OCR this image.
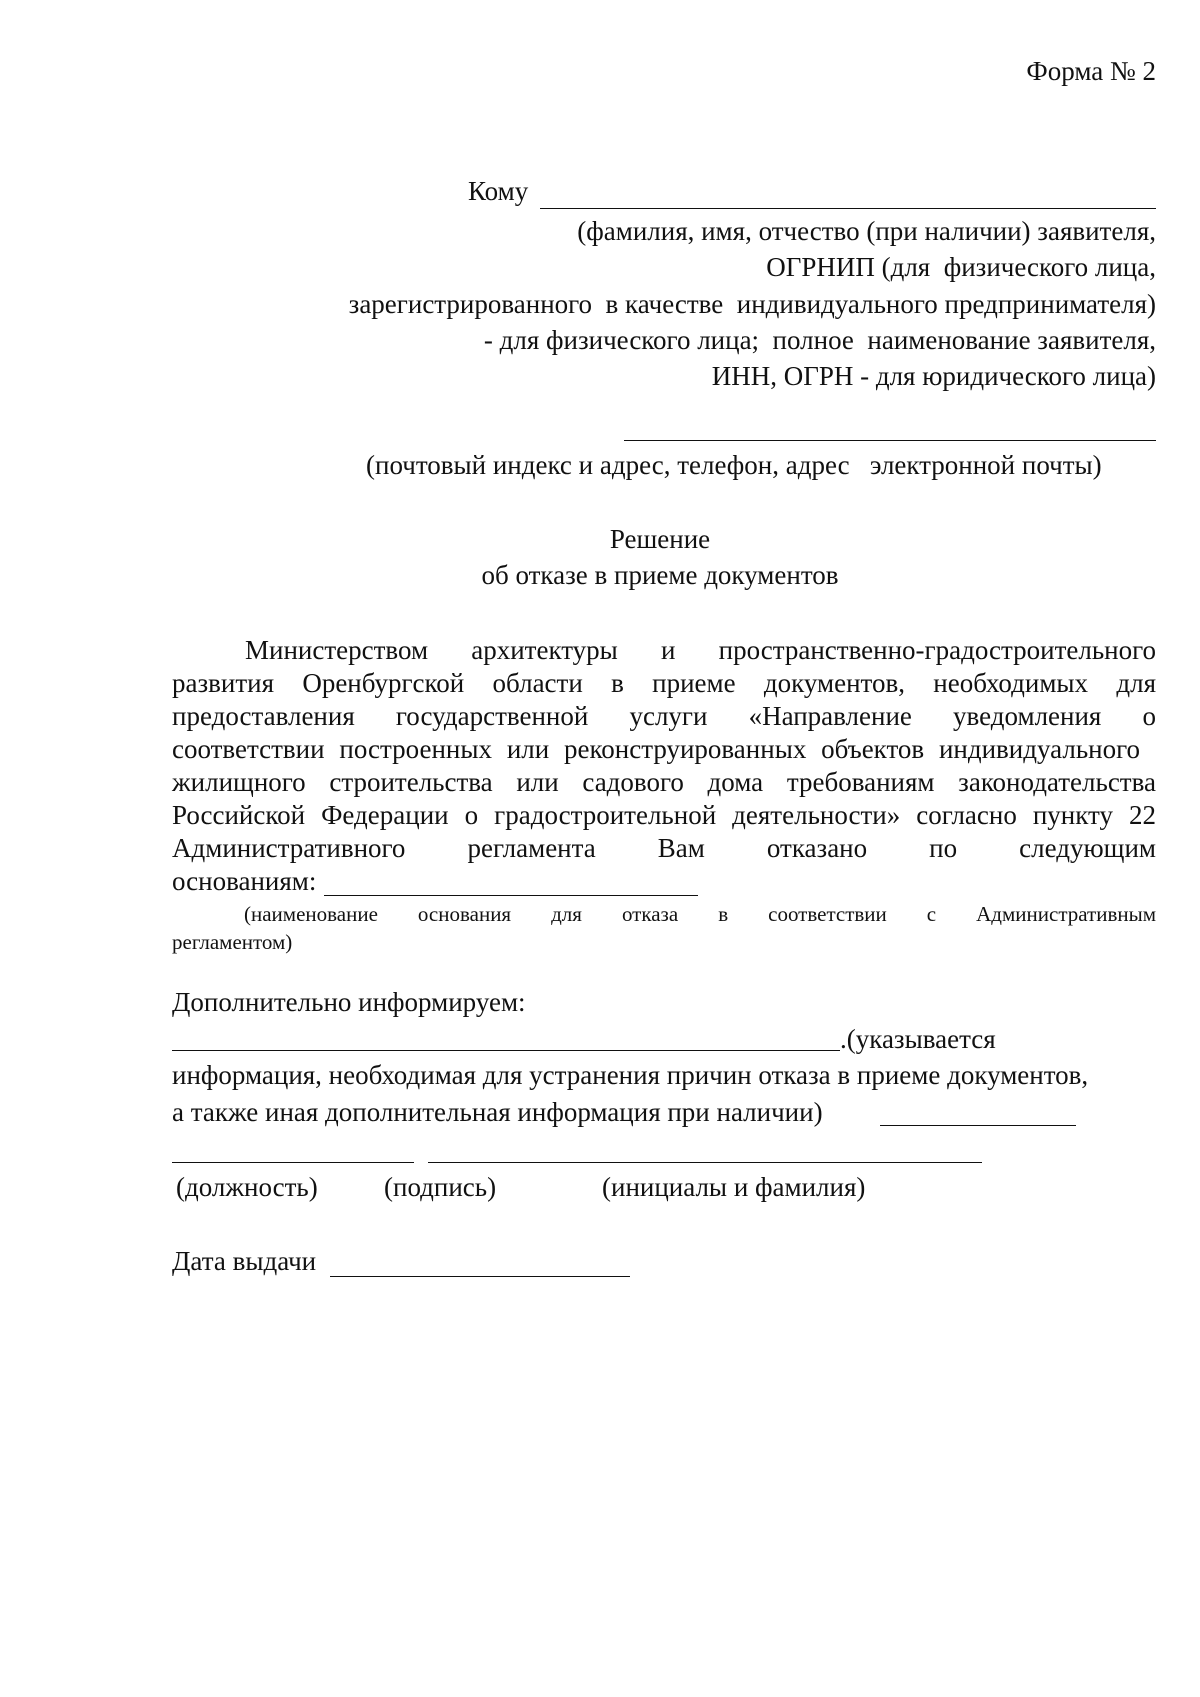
Форма № 2
Кому
(фамилия, имя, отчество (при наличии) заявителя,
ОГРНИП (для  физического лица,
зарегистрированного  в качестве  индивидуального предпринимателя)
- для физического лица;  полное  наименование заявителя,
ИНН, ОГРН - для юридического лица)
(почтовый индекс и адрес, телефон, адрес   электронной почты)
Решение
об отказе в приеме документов
Министерством архитектуры и пространственно-градостроительного
развития Оренбургской области в приеме документов, необходимых для
предоставления государственной услуги «Направление уведомления о
соответствии построенных или реконструированных объектов индивидуального
жилищного строительства или садового дома требованиям законодательства
Российской Федерации о градостроительной деятельности» согласно пункту 22
Административного регламента Вам отказано по следующим
основаниям:
(наименование основания для отказа в соответствии с Административным
регламентом)
Дополнительно информируем:
.(указывается
информация, необходимая для устранения причин отказа в приеме документов,
а также иная дополнительная информация при наличии)
(должность) (подпись)	(инициалы и фамилия)
Дата выдачи
